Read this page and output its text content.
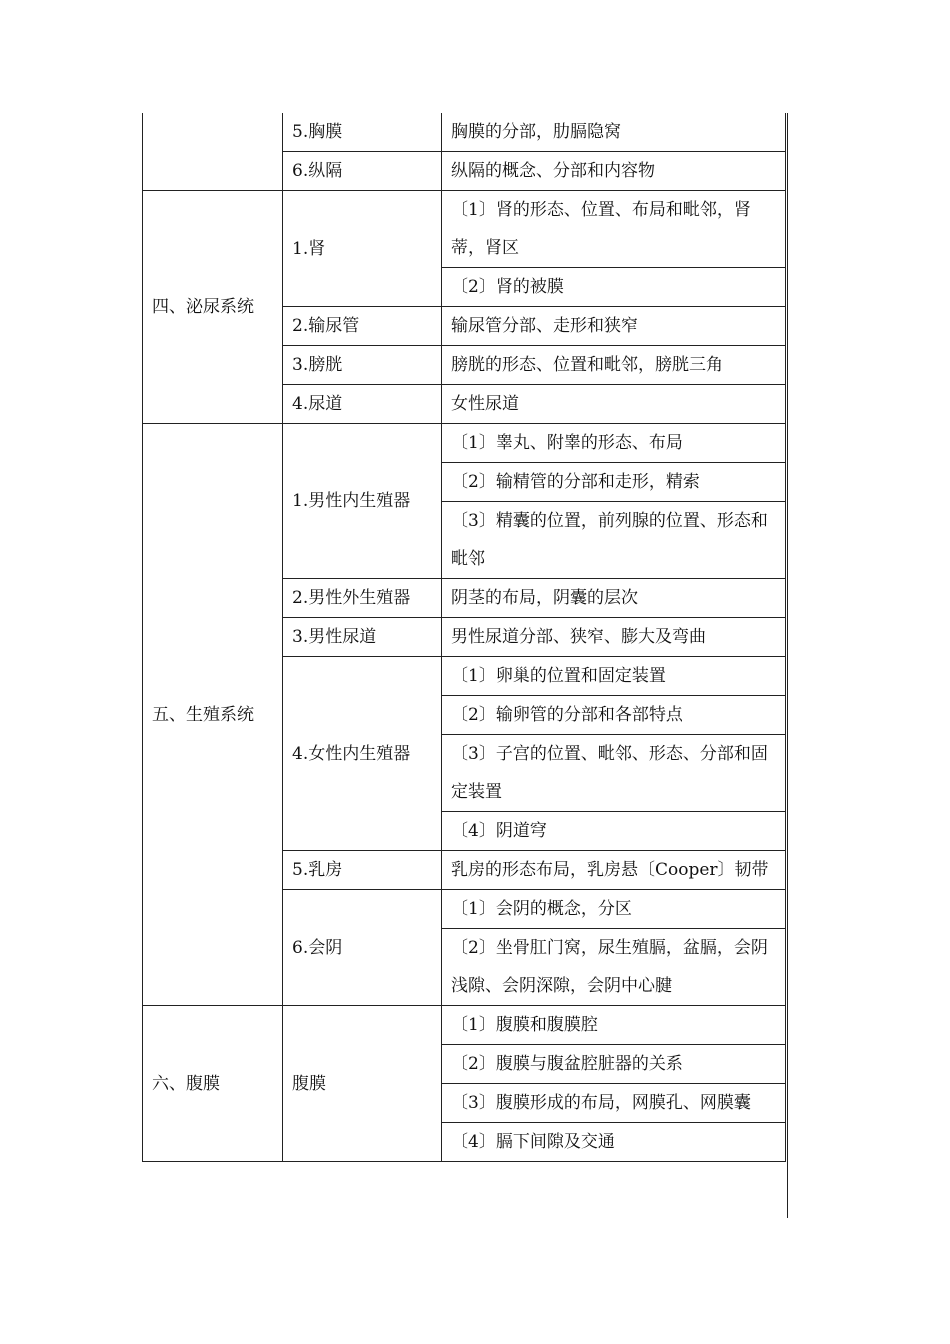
	5.胸膜	胸膜的分部，肋膈隐窝
	6.纵隔	纵隔的概念、分部和内容物
四、泌尿系统	1.肾	〔1〕肾的形态、位置、布局和毗邻，肾蒂，肾区
		〔2〕肾的被膜
	2.输尿管	输尿管分部、走形和狭窄
	3.膀胱	膀胱的形态、位置和毗邻，膀胱三角
	4.尿道	女性尿道
五、生殖系统	1.男性内生殖器	〔1〕睾丸、附睾的形态、布局
		〔2〕输精管的分部和走形，精索
		〔3〕精囊的位置，前列腺的位置、形态和毗邻
	2.男性外生殖器	阴茎的布局，阴囊的层次
	3.男性尿道	男性尿道分部、狭窄、膨大及弯曲
	4.女性内生殖器	〔1〕卵巢的位置和固定装置
		〔2〕输卵管的分部和各部特点
		〔3〕子宫的位置、毗邻、形态、分部和固定装置
		〔4〕阴道穹
	5.乳房	乳房的形态布局，乳房悬〔Cooper〕韧带
	6.会阴	〔1〕会阴的概念，分区
		〔2〕坐骨肛门窝，尿生殖膈，盆膈，会阴浅隙、会阴深隙，会阴中心腱
六、腹膜	腹膜	〔1〕腹膜和腹膜腔
		〔2〕腹膜与腹盆腔脏器的关系
		〔3〕腹膜形成的布局，网膜孔、网膜囊
		〔4〕膈下间隙及交通
